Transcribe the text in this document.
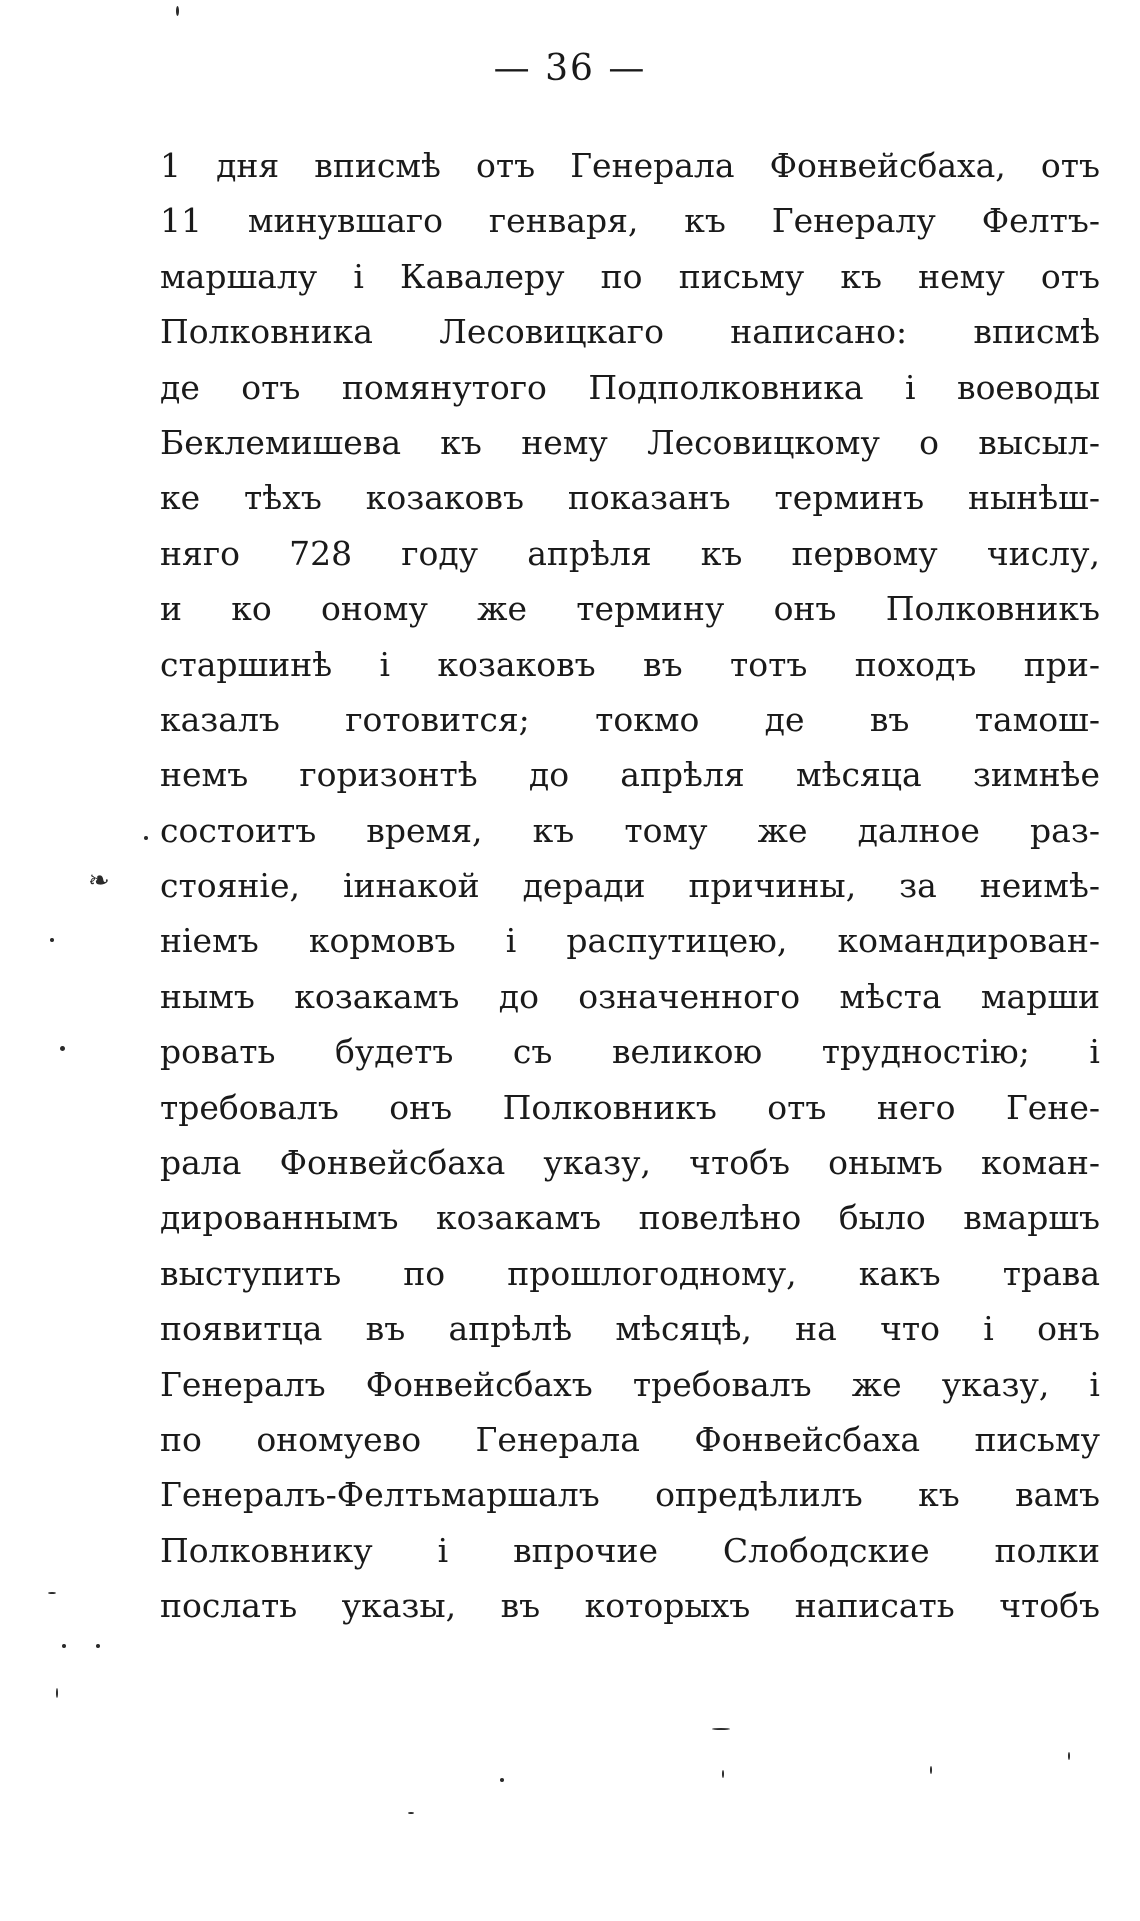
— 36 —
1 дня вписмѣ отъ Генерала Фонвейсбаха, отъ
11 минувшаго генваря, къ Генералу Фелтъ-
маршалу і Кавалеру по письму къ нему отъ
Полковника Лесовицкаго написано: вписмѣ
де отъ помянутого Подполковника і воеводы
Беклемишева къ нему Лесовицкому о высыл-
ке тѣхъ козаковъ показанъ терминъ нынѣш-
няго 728 году апрѣля къ первому числу,
и ко оному же термину онъ Полковникъ
старшинѣ і козаковъ въ тотъ походъ при-
казалъ готовится; токмо де въ тамош-
немъ горизонтѣ до апрѣля мѣсяца зимнѣе
состоитъ время, къ тому же далное раз-
стояніе, іинакой деради причины, за неимѣ-
ніемъ кормовъ і распутицею, командирован-
нымъ козакамъ до означенного мѣста марши
ровать будетъ съ великою трудностію; і
требовалъ онъ Полковникъ отъ него Гене-
рала Фонвейсбаха указу, чтобъ онымъ коман-
дированнымъ козакамъ повелѣно было вмаршъ
выступить по прошлогодному, какъ трава
появитца въ апрѣлѣ мѣсяцѣ, на что і онъ
Генералъ Фонвейсбахъ требовалъ же указу, і
по ономуево Генерала Фонвейсбаха письму
Генералъ-Фелтьмаршалъ опредѣлилъ къ вамъ
Полковнику і впрочие Слободские полки
послать указы, въ которыхъ написать чтобъ
❧
